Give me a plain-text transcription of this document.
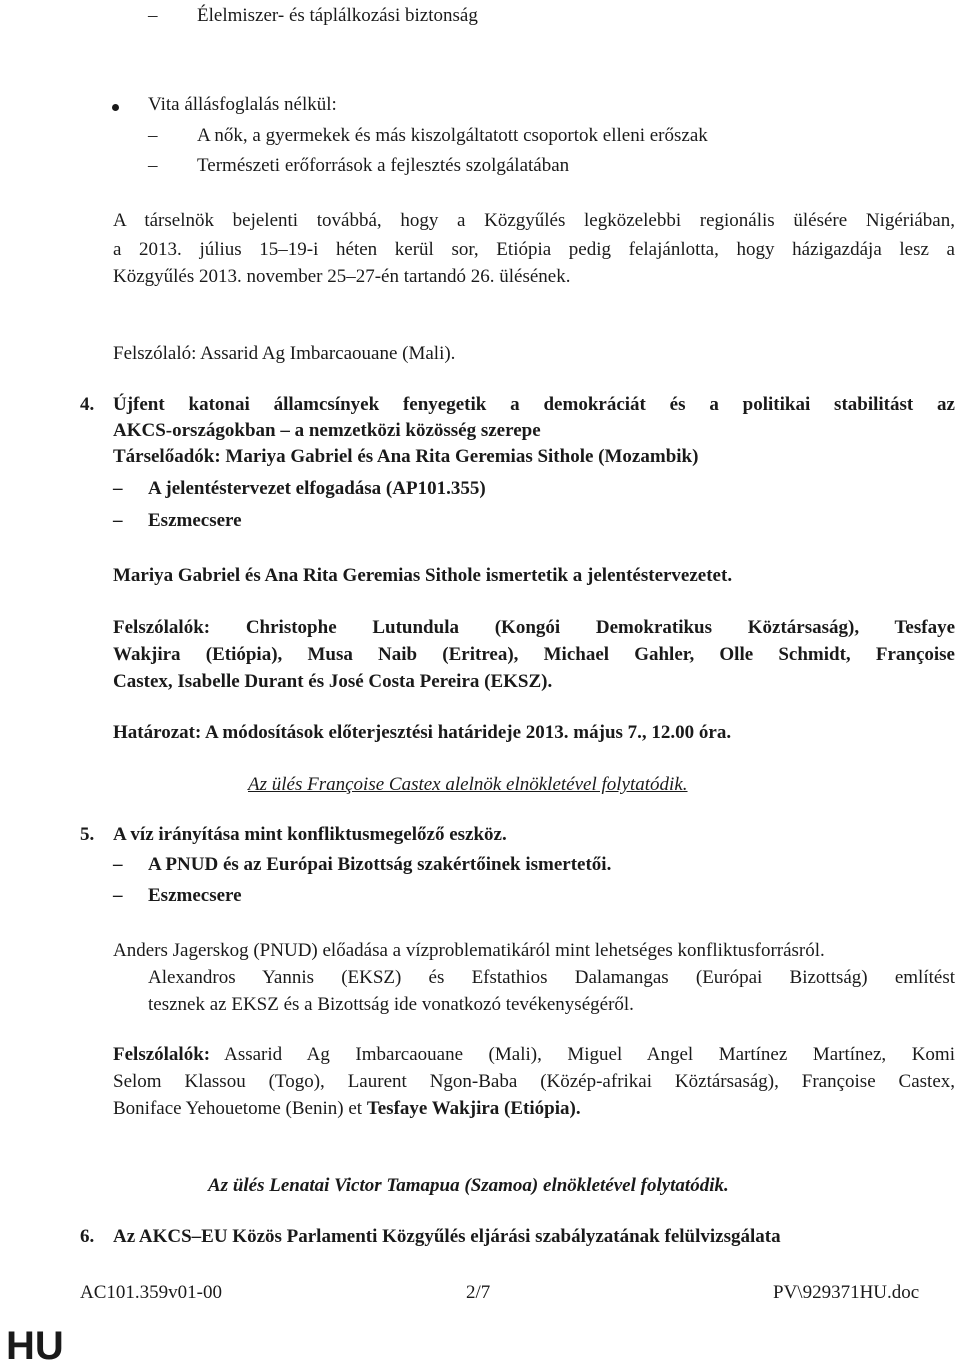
– Élelmiszer- és táplálkozási biztonság
Vita állásfoglalás nélkül:
– A nők, a gyermekek és más kiszolgáltatott csoportok elleni erőszak
– Természeti erőforrások a fejlesztés szolgálatában
A társelnök bejelenti továbbá, hogy a Közgyűlés legközelebbi regionális ülésére Nigériában,
a 2013. július 15–19-i héten kerül sor, Etiópia pedig felajánlotta, hogy házigazdája lesz a
Közgyűlés 2013. november 25–27-én tartandó 26. ülésének.
Felszólaló: Assarid Ag Imbarcaouane (Mali).
4. Újfent katonai államcsínyek fenyegetik a demokráciát és a politikai stabilitást az
AKCS-országokban – a nemzetközi közösség szerepe
Társelőadók: Mariya Gabriel és Ana Rita Geremias Sithole (Mozambik)
– A jelentéstervezet elfogadása (AP101.355)
– Eszmecsere
Mariya Gabriel és Ana Rita Geremias Sithole ismertetik a jelentéstervezetet.
Felszólalók: Christophe Lutundula (Kongói Demokratikus Köztársaság), Tesfaye
Wakjira (Etiópia), Musa Naib (Eritrea), Michael Gahler, Olle Schmidt, Françoise
Castex, Isabelle Durant és José Costa Pereira (EKSZ).
Határozat: A módosítások előterjesztési határideje 2013. május 7., 12.00 óra.
Az ülés Françoise Castex alelnök elnökletével folytatódik.
5. A víz irányítása mint konfliktusmegelőző eszköz.
– A PNUD és az Európai Bizottság szakértőinek ismertetői.
– Eszmecsere
Anders Jagerskog (PNUD) előadása a vízproblematikáról mint lehetséges konfliktusforrásról.
Alexandros Yannis (EKSZ) és Efstathios Dalamangas (Európai Bizottság) említést
tesznek az EKSZ és a Bizottság ide vonatkozó tevékenységéről.
Felszólalók: Assarid Ag Imbarcaouane (Mali), Miguel Angel Martínez Martínez, Komi
Selom Klassou (Togo), Laurent Ngon-Baba (Közép-afrikai Köztársaság), Françoise Castex,
Boniface Yehouetome (Benin) et Tesfaye Wakjira (Etiópia).
Az ülés Lenatai Victor Tamapua (Szamoa) elnökletével folytatódik.
6. Az AKCS–EU Közös Parlamenti Közgyűlés eljárási szabályzatának felülvizsgálata
AC101.359v01-00	2/7	PV\929371HU.doc
HU
